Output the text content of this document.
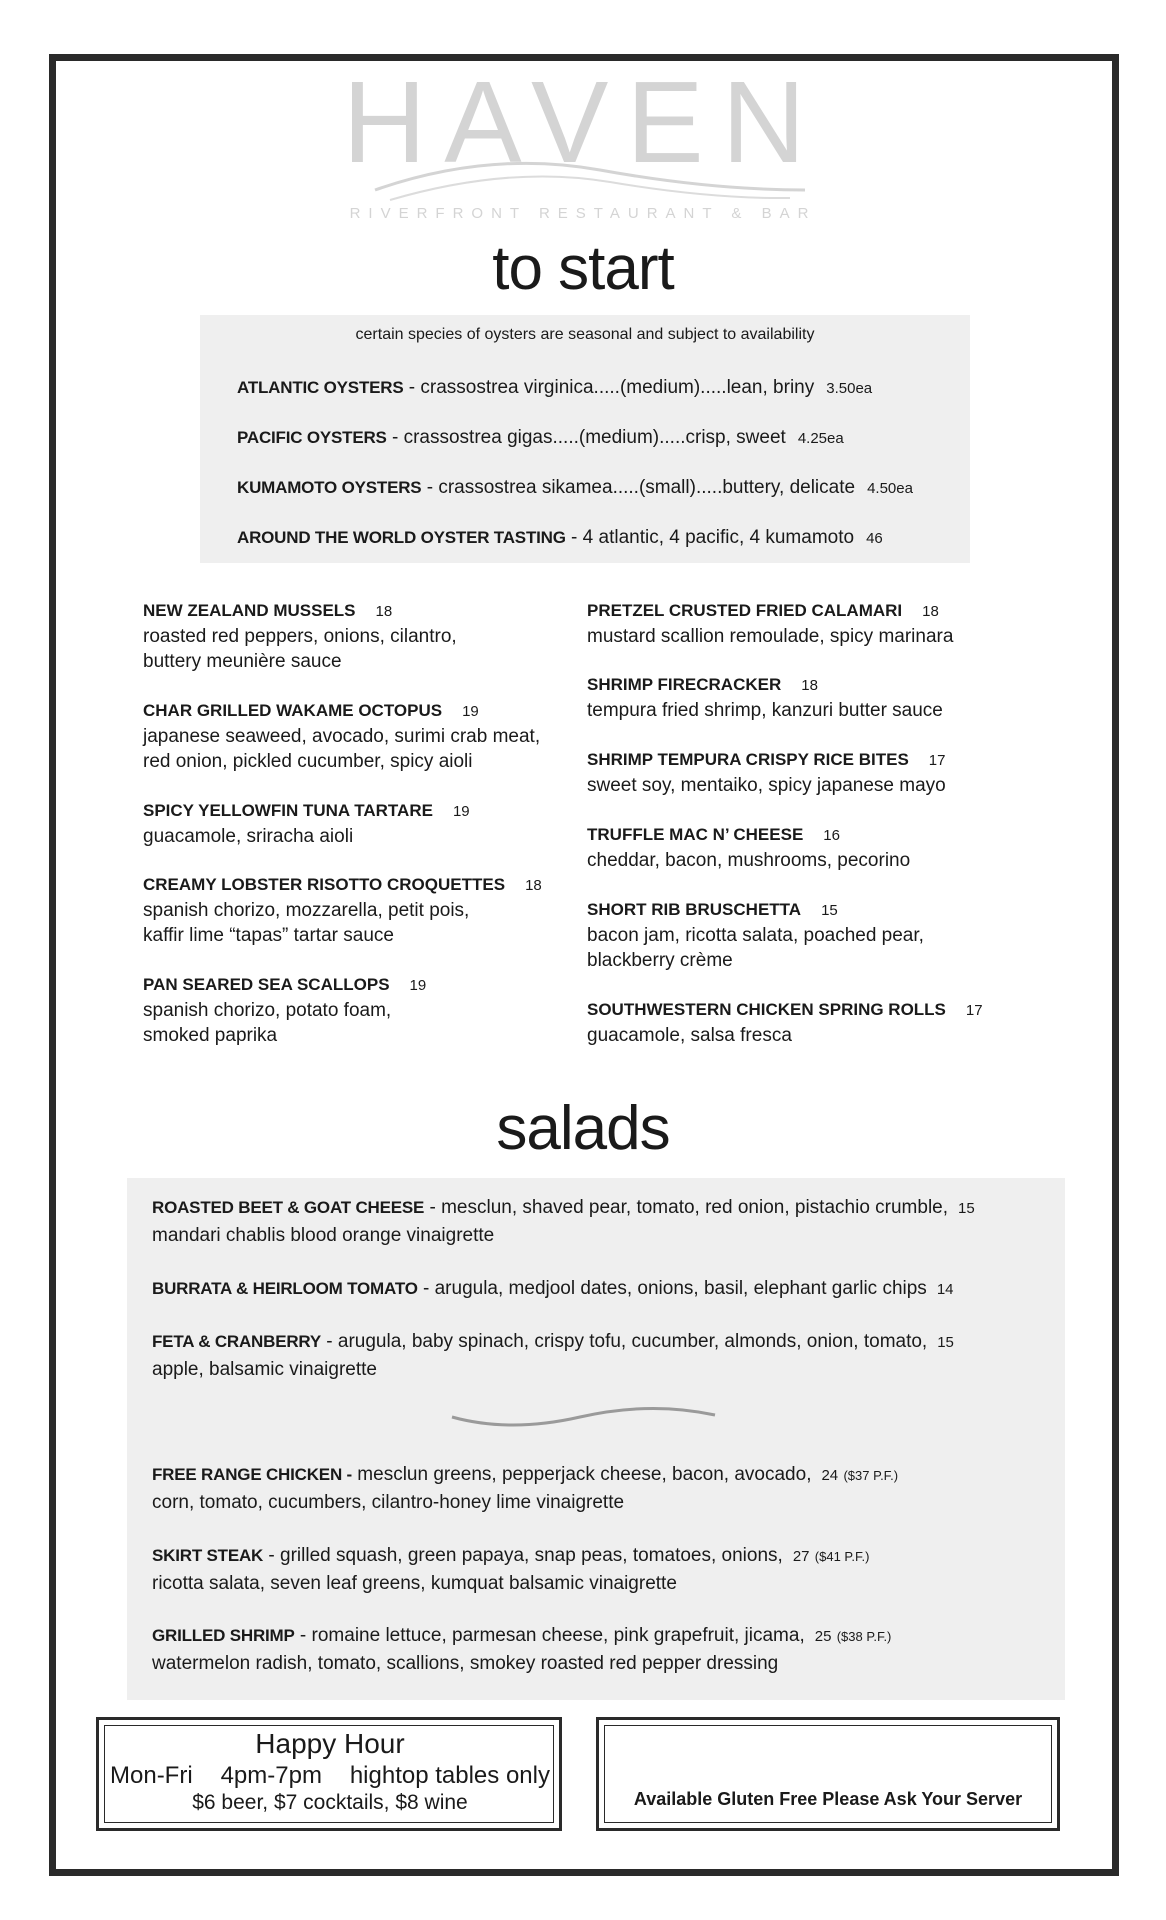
HAVEN
RIVERFRONT RESTAURANT & BAR
to start
certain species of oysters are seasonal and subject to availability
ATLANTIC OYSTERS - crassostrea virginica.....(medium).....lean, briny 3.50ea
PACIFIC OYSTERS - crassostrea gigas.....(medium).....crisp, sweet 4.25ea
KUMAMOTO OYSTERS - crassostrea sikamea.....(small).....buttery, delicate 4.50ea
AROUND THE WORLD OYSTER TASTING - 4 atlantic, 4 pacific, 4 kumamoto 46
NEW ZEALAND MUSSELS 18
roasted red peppers, onions, cilantro,
buttery meunière sauce
CHAR GRILLED WAKAME OCTOPUS 19
japanese seaweed, avocado, surimi crab meat,
red onion, pickled cucumber, spicy aioli
SPICY YELLOWFIN TUNA TARTARE 19
guacamole, sriracha aioli
CREAMY LOBSTER RISOTTO CROQUETTES 18
spanish chorizo, mozzarella, petit pois,
kaffir lime “tapas” tartar sauce
PAN SEARED SEA SCALLOPS 19
spanish chorizo, potato foam,
smoked paprika
PRETZEL CRUSTED FRIED CALAMARI 18
mustard scallion remoulade, spicy marinara
SHRIMP FIRECRACKER 18
tempura fried shrimp, kanzuri butter sauce
SHRIMP TEMPURA CRISPY RICE BITES 17
sweet soy, mentaiko, spicy japanese mayo
TRUFFLE MAC N’ CHEESE 16
cheddar, bacon, mushrooms, pecorino
SHORT RIB BRUSCHETTA 15
bacon jam, ricotta salata, poached pear,
blackberry crème
SOUTHWESTERN CHICKEN SPRING ROLLS 17
guacamole, salsa fresca
salads
ROASTED BEET & GOAT CHEESE - mesclun, shaved pear, tomato, red onion, pistachio crumble, 15
mandari chablis blood orange vinaigrette
BURRATA & HEIRLOOM TOMATO - arugula, medjool dates, onions, basil, elephant garlic chips 14
FETA & CRANBERRY - arugula, baby spinach, crispy tofu, cucumber, almonds, onion, tomato, 15
apple, balsamic vinaigrette
FREE RANGE CHICKEN - mesclun greens, pepperjack cheese, bacon, avocado, 24 ($37 P.F.)
corn, tomato, cucumbers, cilantro-honey lime vinaigrette
SKIRT STEAK - grilled squash, green papaya, snap peas, tomatoes, onions, 27 ($41 P.F.)
ricotta salata, seven leaf greens, kumquat balsamic vinaigrette
GRILLED SHRIMP - romaine lettuce, parmesan cheese, pink grapefruit, jicama, 25 ($38 P.F.)
watermelon radish, tomato, scallions, smokey roasted red pepper dressing
Happy Hour
Mon-Fri 4pm-7pm hightop tables only
$6 beer, $7 cocktails, $8 wine	Available Gluten Free Please Ask Your Server
